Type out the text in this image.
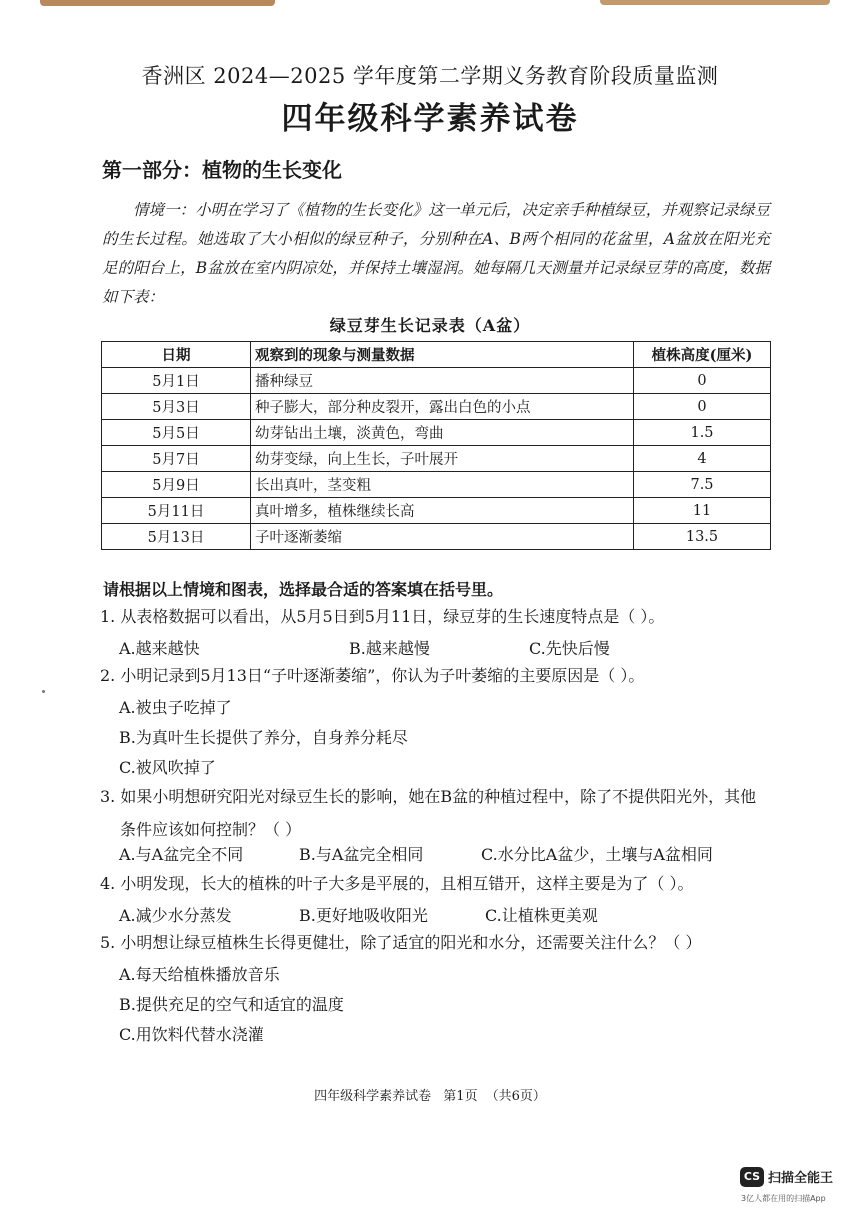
香洲区 2024—2025 学年度第二学期义务教育阶段质量监测
四年级科学素养试卷
第一部分：植物的生长变化
情境一：小明在学习了《植物的生长变化》这一单元后，决定亲手种植绿豆，并观察记录绿豆的生长过程。她选取了大小相似的绿豆种子，分别种在A、B两个相同的花盆里，A盆放在阳光充足的阳台上，B盆放在室内阴凉处，并保持土壤湿润。她每隔几天测量并记录绿豆芽的高度，数据如下表：
绿豆芽生长记录表（A盆）
日期	观察到的现象与测量数据	植株高度(厘米)
5月1日	播种绿豆	0
5月3日	种子膨大，部分种皮裂开，露出白色的小点	0
5月5日	幼芽钻出土壤，淡黄色，弯曲	1.5
5月7日	幼芽变绿，向上生长，子叶展开	4
5月9日	长出真叶，茎变粗	7.5
5月11日	真叶增多，植株继续长高	11
5月13日	子叶逐渐萎缩	13.5
请根据以上情境和图表，选择最合适的答案填在括号里。
1. 从表格数据可以看出，从5月5日到5月11日，绿豆芽的生长速度特点是（ ）。
A.越来越快	B.越来越慢	C.先快后慢
2. 小明记录到5月13日“子叶逐渐萎缩”，你认为子叶萎缩的主要原因是（ ）。
A.被虫子吃掉了
B.为真叶生长提供了养分，自身养分耗尽
C.被风吹掉了
3. 如果小明想研究阳光对绿豆生长的影响，她在B盆的种植过程中，除了不提供阳光外，其他条件应该如何控制？（ ）
A.与A盆完全不同	B.与A盆完全相同	C.水分比A盆少，土壤与A盆相同
4. 小明发现，长大的植株的叶子大多是平展的，且相互错开，这样主要是为了（ ）。
A.减少水分蒸发	B.更好地吸收阳光	C.让植株更美观
5. 小明想让绿豆植株生长得更健壮，除了适宜的阳光和水分，还需要关注什么？（ ）
A.每天给植株播放音乐
B.提供充足的空气和适宜的温度
C.用饮料代替水浇灌
四年级科学素养试卷 第1页 （共6页）
CS 扫描全能王
3亿人都在用的扫描App
